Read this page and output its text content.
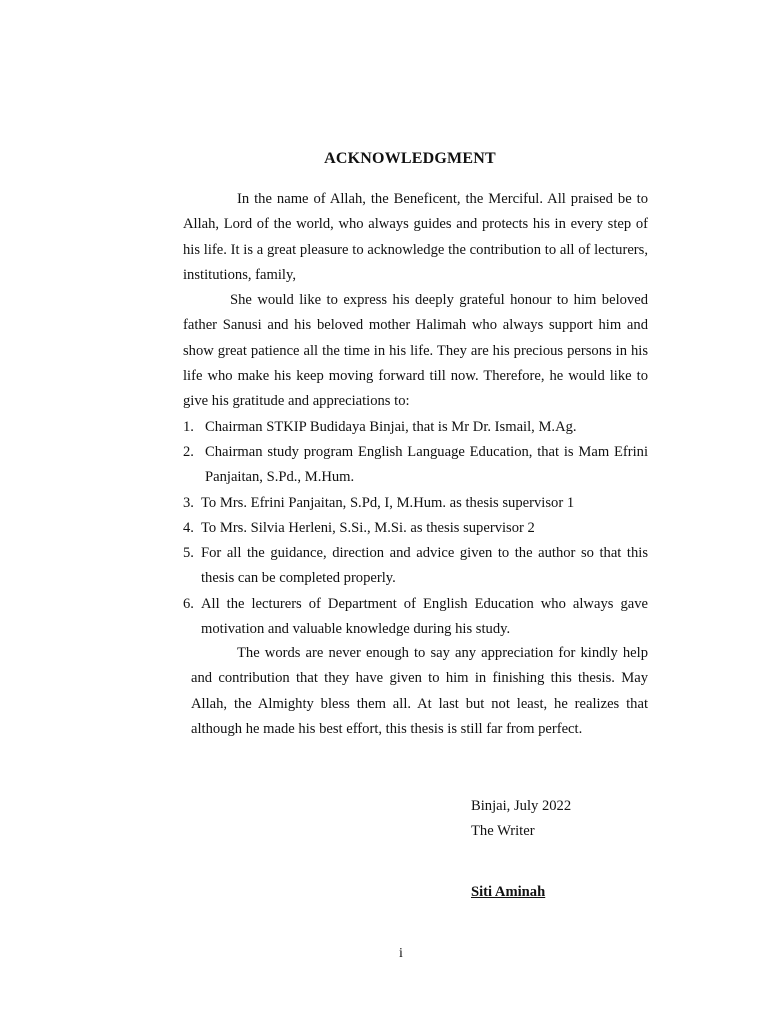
ACKNOWLEDGMENT

In the name of Allah, the Beneficent, the Merciful. All praised be to Allah, Lord of the world, who always guides and protects his in every step of his life. It is a great pleasure to acknowledge the contribution to all of lecturers, institutions, family,

She would like to express his deeply grateful honour to him beloved father Sanusi and his beloved mother Halimah who always support him and show great patience all the time in his life. They are his precious persons in his life who make his keep moving forward till now. Therefore, he would like to give his gratitude and appreciations to:

1. Chairman STKIP Budidaya Binjai, that is Mr Dr. Ismail, M.Ag.
2. Chairman study program English Language Education, that is Mam Efrini Panjaitan, S.Pd., M.Hum.
3. To Mrs. Efrini Panjaitan, S.Pd, I, M.Hum. as thesis supervisor 1
4. To Mrs. Silvia Herleni, S.Si., M.Si. as thesis supervisor 2
5. For all the guidance, direction and advice given to the author so that this thesis can be completed properly.
6. All the lecturers of Department of English Education who always gave motivation and valuable knowledge during his study.

The words are never enough to say any appreciation for kindly help and contribution that they have given to him in finishing this thesis. May Allah, the Almighty bless them all. At last but not least, he realizes that although he made his best effort, this thesis is still far from perfect.

Binjai, July 2022
The Writer
Siti Aminah
i
